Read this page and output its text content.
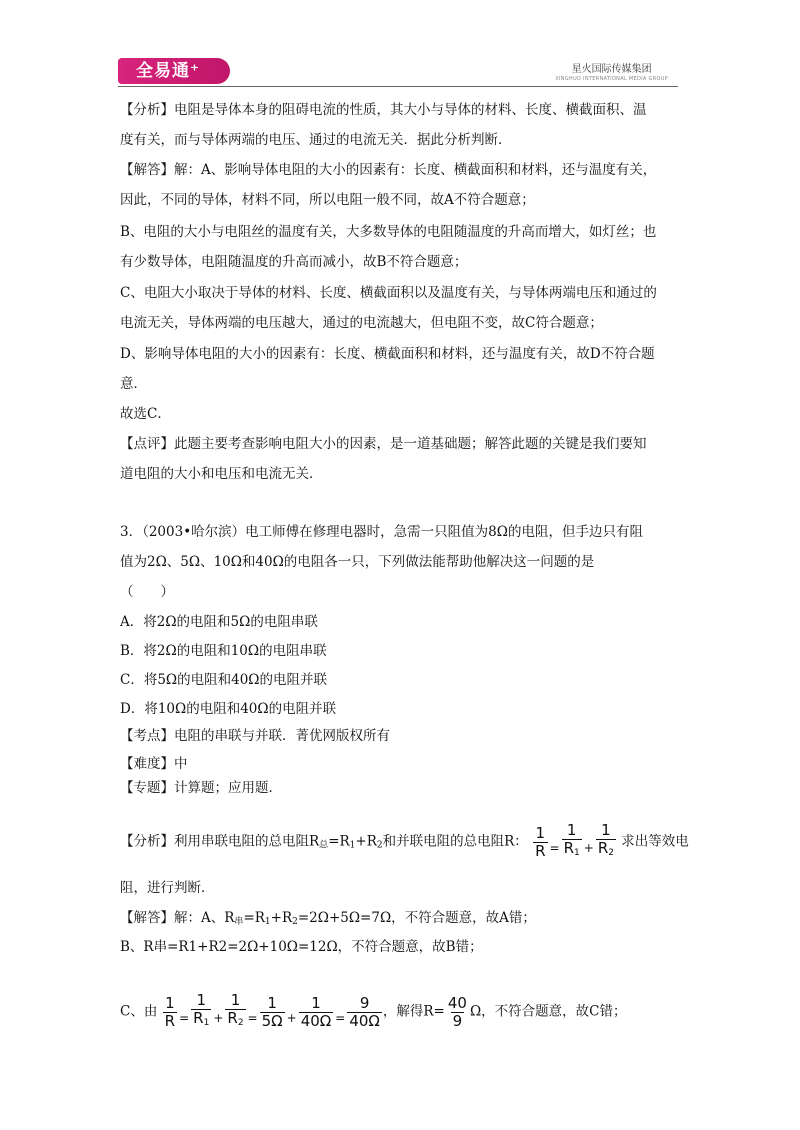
全易通⁺	星火国际传媒集团
XINGHUO INTERNATIONAL MEDIA GROUP
【分析】电阻是导体本身的阻碍电流的性质，其大小与导体的材料、长度、横截面积、温
度有关，而与导体两端的电压、通过的电流无关．据此分析判断．
【解答】解：A、影响导体电阻的大小的因素有：长度、横截面积和材料，还与温度有关，
因此，不同的导体，材料不同，所以电阻一般不同，故A不符合题意；
B、电阻的大小与电阻丝的温度有关，大多数导体的电阻随温度的升高而增大，如灯丝；也
有少数导体，电阻随温度的升高而减小，故B不符合题意；
C、电阻大小取决于导体的材料、长度、横截面积以及温度有关，与导体两端电压和通过的
电流无关，导体两端的电压越大，通过的电流越大，但电阻不变，故C符合题意；
D、影响导体电阻的大小的因素有：长度、横截面积和材料，还与温度有关，故D不符合题
意．
故选C．
【点评】此题主要考查影响电阻大小的因素，是一道基础题；解答此题的关键是我们要知
道电阻的大小和电压和电流无关．
3．（2003•哈尔滨）电工师傅在修理电器时，急需一只阻值为8Ω的电阻，但手边只有阻
值为2Ω、5Ω、10Ω和40Ω的电阻各一只，下列做法能帮助他解决这一问题的是
（　　）
A．将2Ω的电阻和5Ω的电阻串联
B．将2Ω的电阻和10Ω的电阻串联
C．将5Ω的电阻和40Ω的电阻并联
D．将10Ω的电阻和40Ω的电阻并联
【考点】电阻的串联与并联．菁优网版权所有
【难度】中
【专题】计算题；应用题．
【分析】利用串联电阻的总电阻$R_总=R_1+R_2$和并联电阻的总电阻R： $\frac{1}{R} = \frac{1}{R_1} + \frac{1}{R_2}$ 求出等效电
阻，进行判断．
【解答】解：A、$R_串=R_1+R_2=2\Omega+5\Omega=7\Omega$，不符合题意，故A错；
B、R串=R1+R2=2Ω+10Ω=12Ω，不符合题意，故B错；
C、由 $\frac{1}{R} = \frac{1}{R_1} + \frac{1}{R_2} = \frac{1}{5\Omega} + \frac{1}{40\Omega} = \frac{9}{40\Omega}$ ，解得$R= \frac{40}{9}$ Ω，不符合题意，故C错；
